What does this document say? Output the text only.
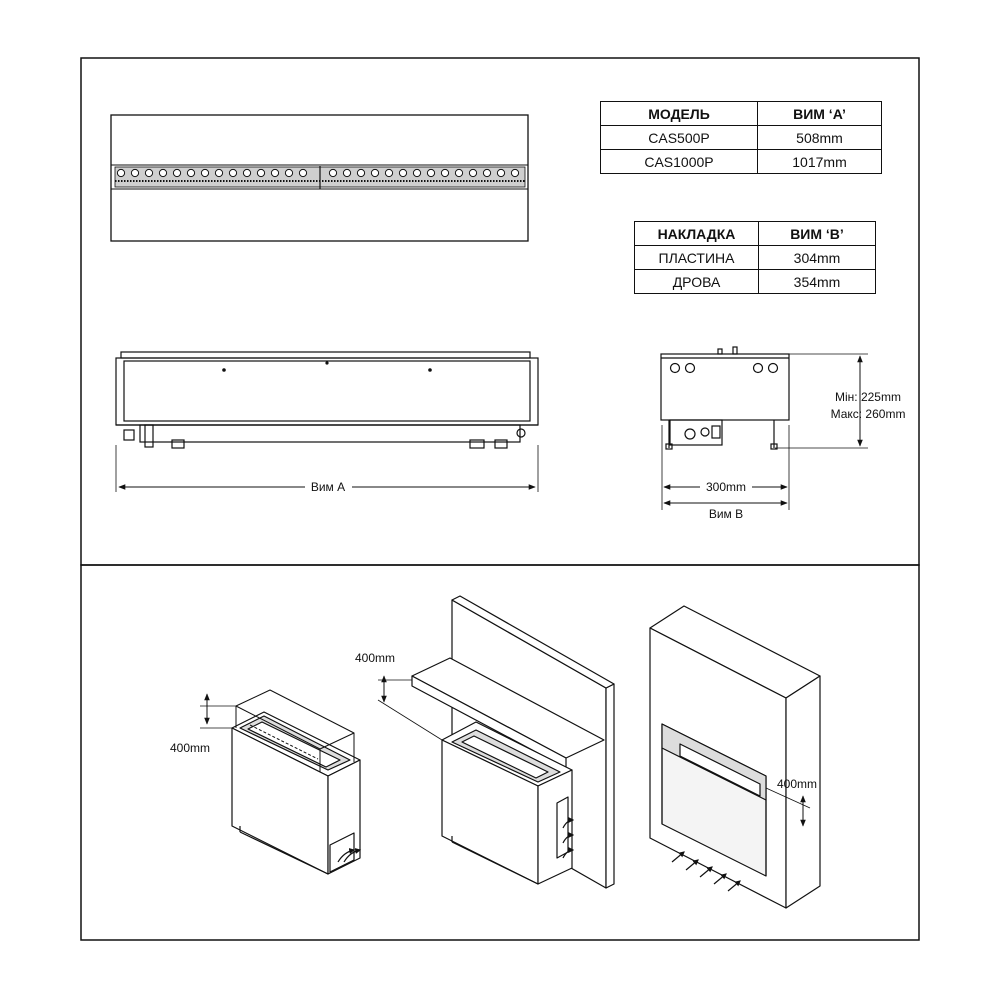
Вим A
Мін: 225mm
Макс: 260mm
300mm
Вим B
400mm
400mm
400mm
МОДЕЛЬ	ВИМ ‘A’
CAS500P	508mm
CAS1000P	1017mm
НАКЛАДКА	ВИМ ‘B’
ПЛАСТИНА	304mm
ДРОВА	354mm
